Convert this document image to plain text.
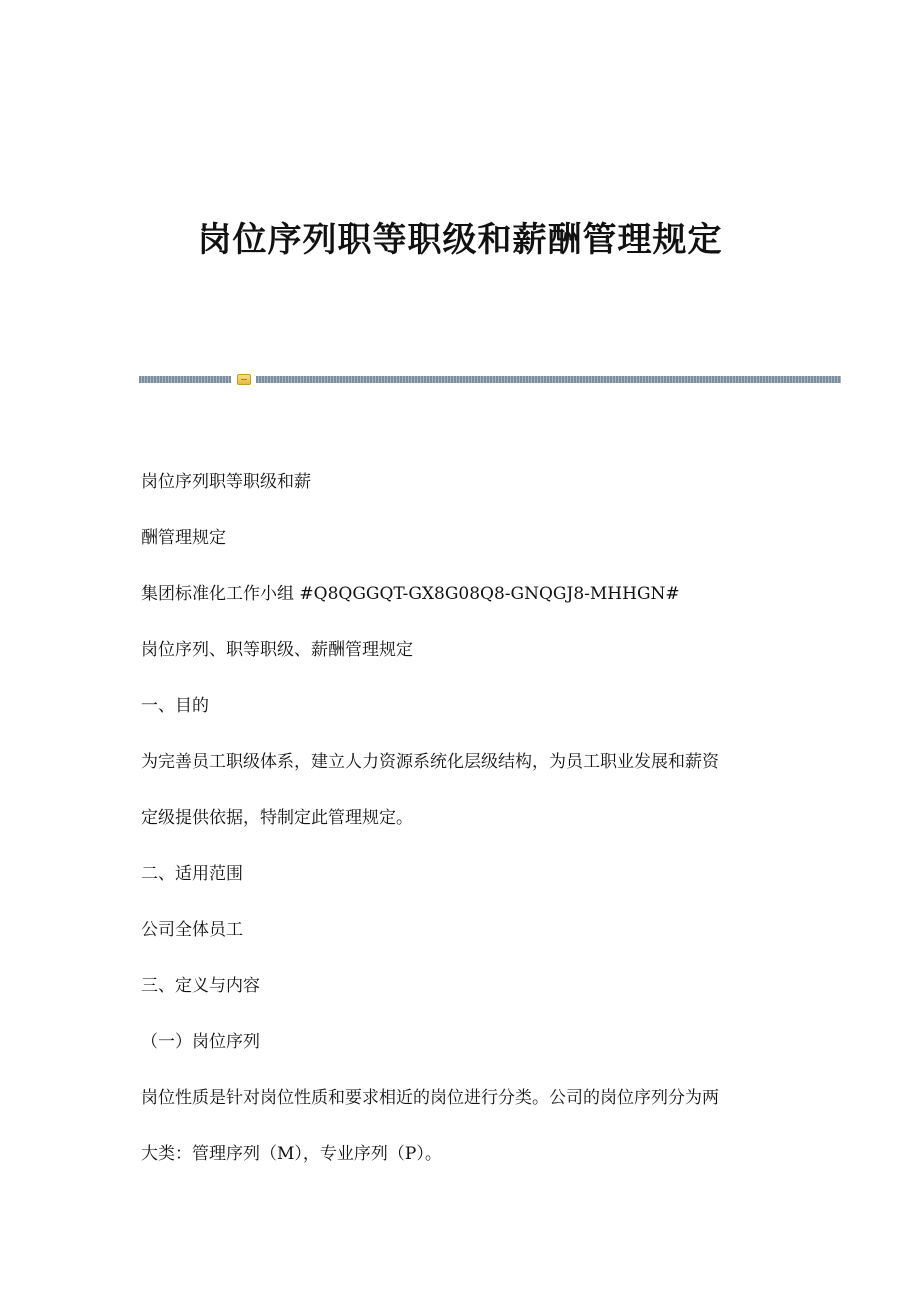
岗位序列职等职级和薪酬管理规定

岗位序列职等职级和薪

酬管理规定

集团标准化工作小组 #Q8QGGQT-GX8G08Q8-GNQGJ8-MHHGN#

岗位序列、职等职级、薪酬管理规定

一、目的

为完善员工职级体系，建立人力资源系统化层级结构，为员工职业发展和薪资

定级提供依据，特制定此管理规定。

二、适用范围

公司全体员工

三、定义与内容

（一）岗位序列

岗位性质是针对岗位性质和要求相近的岗位进行分类。公司的岗位序列分为两

大类：管理序列（M），专业序列（P）。
